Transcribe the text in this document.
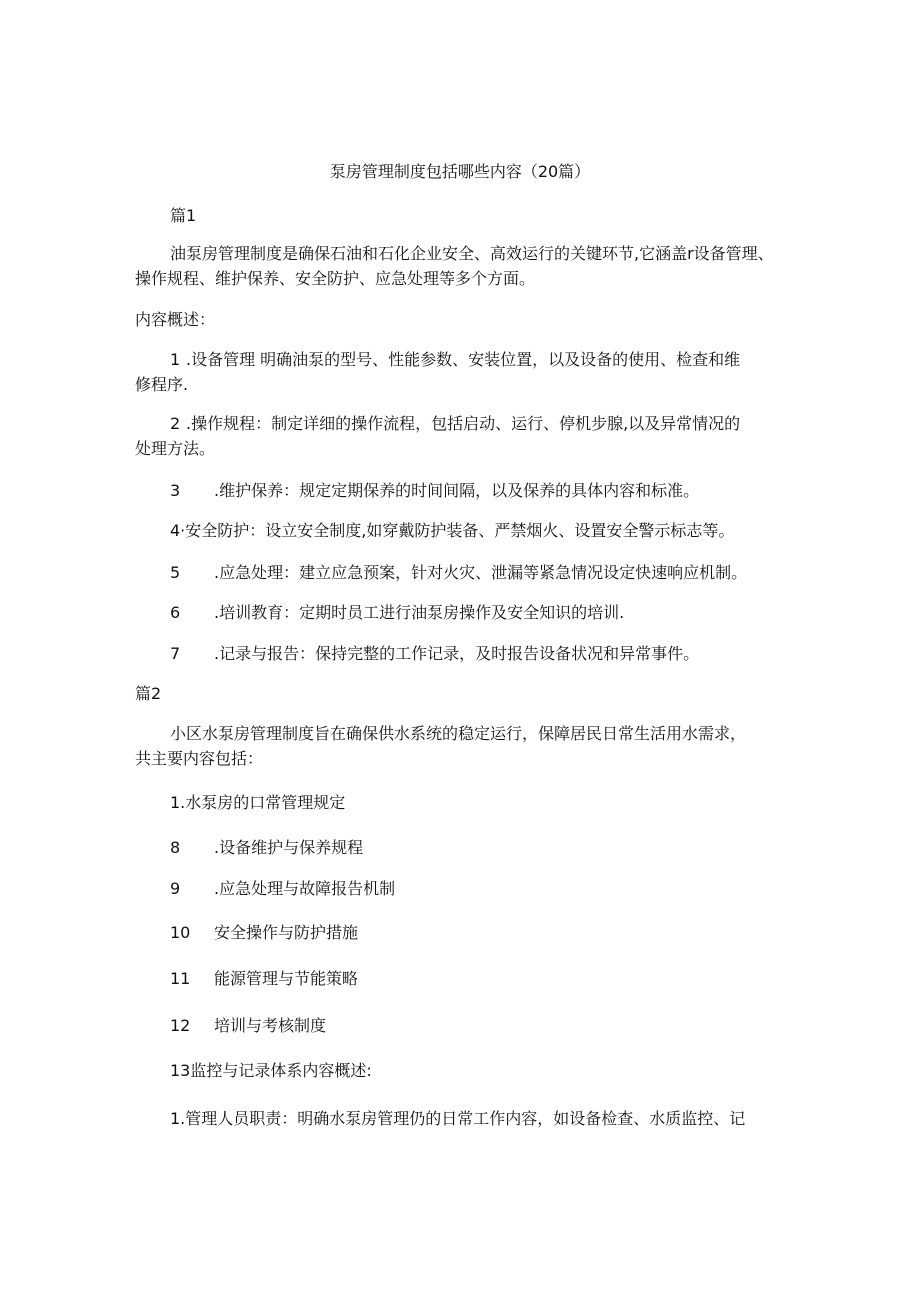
泵房管理制度包括哪些内容（20篇）
篇1
油泵房管理制度是确保石油和石化企业安全、高效运行的关键环节,它涵盖r设备管理、
操作规程、维护保养、安全防护、应急处理等多个方面。
内容概述：
1 .设备管理 明确油泵的型号、性能参数、安装位置，以及设备的使用、检查和维
修程序.
2 .操作规程：制定详细的操作流程，包括启动、运行、停机步腺,以及异常情况的
处理方法。
3 .维护保养：规定定期保养的时间间隔，以及保养的具体内容和标准。
4·安全防护：设立安全制度,如穿戴防护装备、严禁烟火、设置安全警示标志等。
5 .应急处理：建立应急预案，针对火灾、泄漏等紧急情况设定快速响应机制。
6 .培训教育：定期时员工进行油泵房操作及安全知识的培训.
7 .记录与报告：保持完整的工作记录，及时报告设备状况和异常事件。
篇2
小区水泵房管理制度旨在确保供水系统的稳定运行，保障居民日常生活用水需求，
共主要内容包括：
1.水泵房的口常管理规定
8 .设备维护与保养规程
9 .应急处理与故障报告机制
10 安全操作与防护措施
11 能源管理与节能策略
12 培训与考核制度
13监控与记录体系内容概述:
1.管理人员职责：明确水泵房管理仍的日常工作内容，如设备检查、水质监控、记
